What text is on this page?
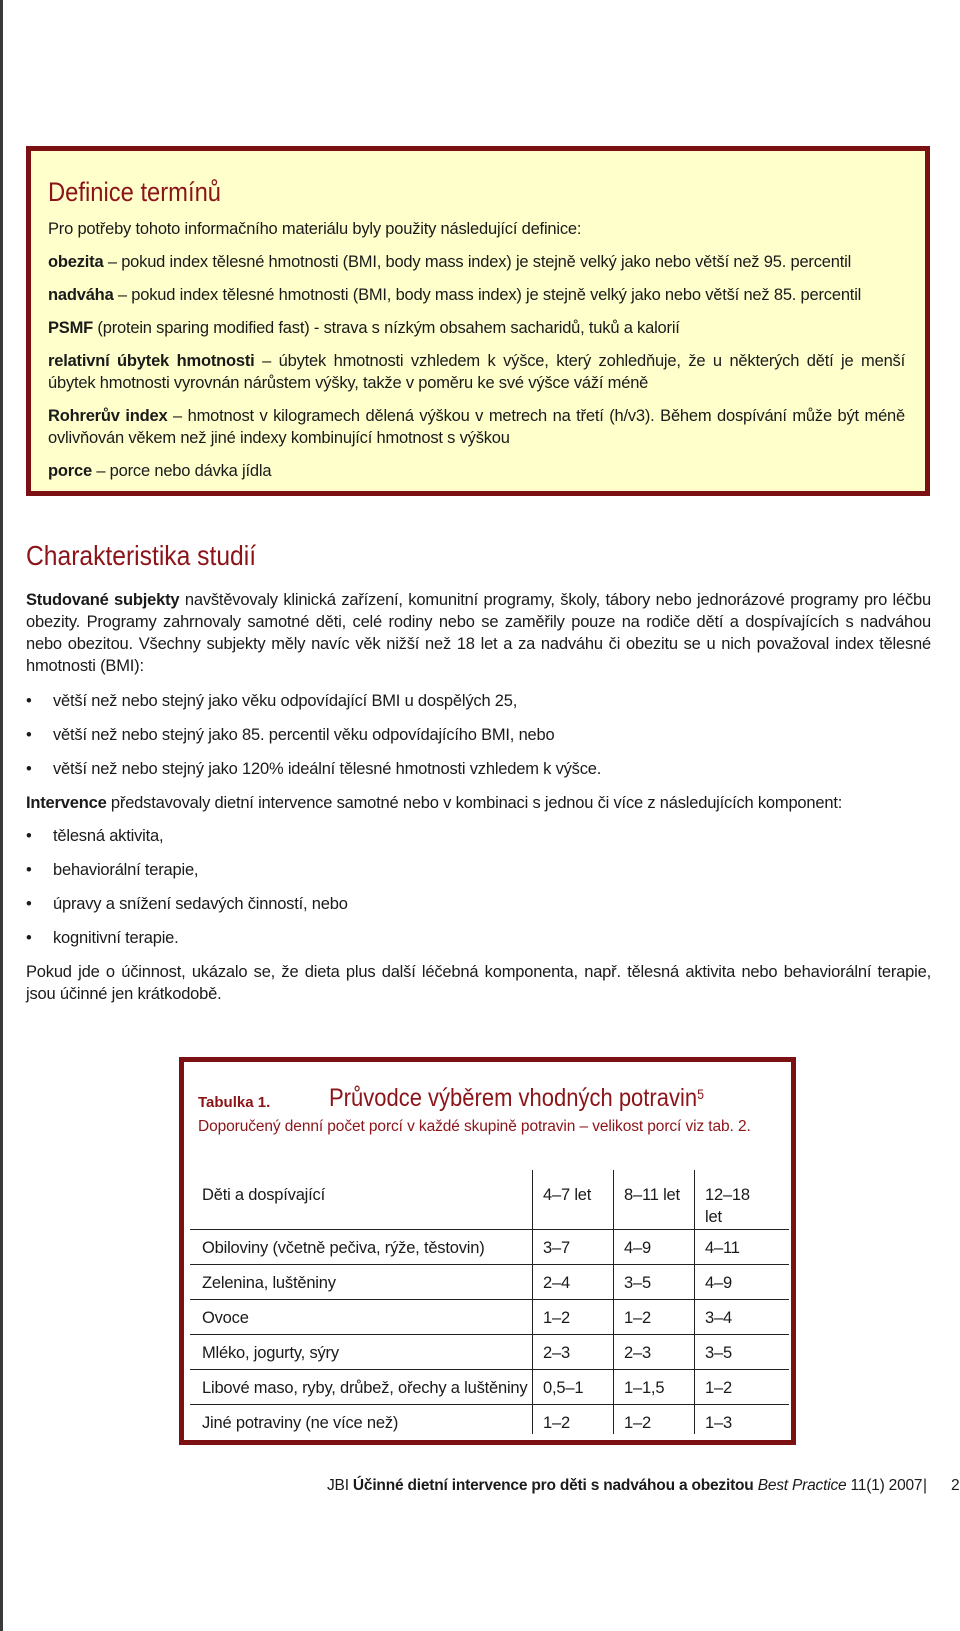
Definice termínů

Pro potřeby tohoto informačního materiálu byly použity následující definice:

obezita – pokud index tělesné hmotnosti (BMI, body mass index) je stejně velký jako nebo větší než 95. percentil

nadváha – pokud index tělesné hmotnosti (BMI, body mass index) je stejně velký jako nebo větší než 85. percentil

PSMF (protein sparing modified fast) - strava s nízkým obsahem sacharidů, tuků a kalorií

relativní úbytek hmotnosti – úbytek hmotnosti vzhledem k výšce, který zohledňuje, že u některých dětí je menší úbytek hmotnosti vyrovnán nárůstem výšky, takže v poměru ke své výšce váží méně

Rohrerův index – hmotnost v kilogramech dělená výškou v metrech na třetí (h/v3). Během dospívání může být méně ovlivňován věkem než jiné indexy kombinující hmotnost s výškou

porce – porce nebo dávka jídla

Charakteristika studií

Studované subjekty navštěvovaly klinická zařízení, komunitní programy, školy, tábory nebo jednorázové programy pro léčbu obezity. Programy zahrnovaly samotné děti, celé rodiny nebo se zaměřily pouze na rodiče dětí a dospívajících s nadváhou nebo obezitou. Všechny subjekty měly navíc věk nižší než 18 let a za nadváhu či obezitu se u nich považoval index tělesné hmotnosti (BMI):

• větší než nebo stejný jako věku odpovídající BMI u dospělých 25,
• větší než nebo stejný jako 85. percentil věku odpovídajícího BMI, nebo
• větší než nebo stejný jako 120% ideální tělesné hmotnosti vzhledem k výšce.

Intervence představovaly dietní intervence samotné nebo v kombinaci s jednou či více z následujících komponent:

• tělesná aktivita,
• behaviorální terapie,
• úpravy a snížení sedavých činností, nebo
• kognitivní terapie.

Pokud jde o účinnost, ukázalo se, že dieta plus další léčebná komponenta, např. tělesná aktivita nebo behaviorální terapie, jsou účinné jen krátkodobě.

Tabulka 1. Průvodce výběrem vhodných potravin$^5$
Doporučený denní počet porcí v každé skupině potravin – velikost porcí viz tab. 2.
Děti a dospívající	4–7 let 8–11 let 12–18 let
Obiloviny (včetně pečiva, rýže, těstovin)	3–7	4–9	4–11
Zelenina, luštěniny	2–4	3–5	4–9
Ovoce	1–2	1–2	3–4
Mléko, jogurty, sýry	2–3	2–3	3–5
Libové maso, ryby, drůbež, ořechy a luštěniny 0,5–1 1–1,5 1–2
Jiné potraviny (ne více než)	1–2	1–2	1–3
JBI Účinné dietní intervence pro děti s nadváhou a obezitou Best Practice 11(1) 2007 | 2
